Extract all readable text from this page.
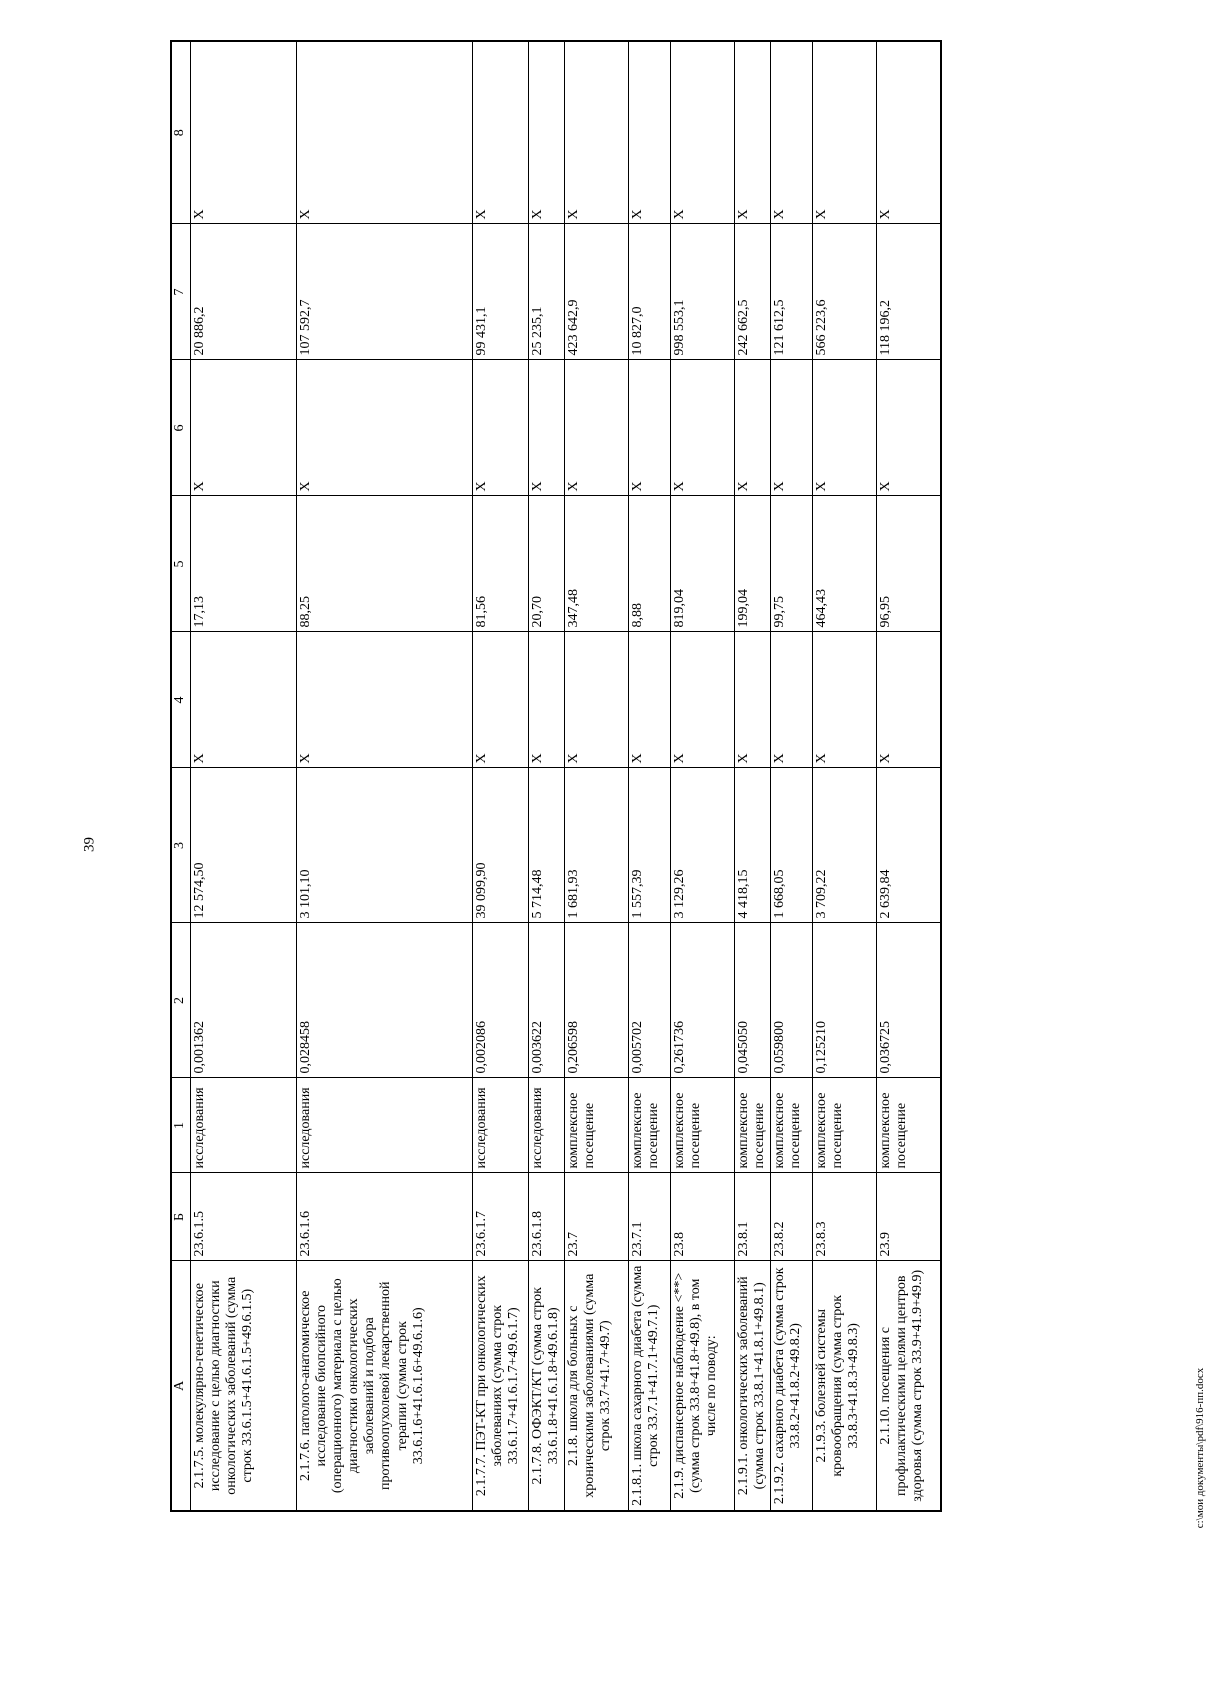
39
А	Б	1	2	3	4	5	6	7	8
2.1.7.5. молекулярно-генетическое исследование с целью диагностики онкологических заболеваний (сумма строк 33.6.1.5+41.6.1.5+49.6.1.5)	23.6.1.5	исследования	0,001362	12 574,50	Х	17,13	Х	20 886,2	Х
2.1.7.6. патолого-анатомическое исследование биопсийного (операционного) материала с целью диагностики онкологических заболеваний и подбора противоопухолевой лекарственной терапии (сумма строк 33.6.1.6+41.6.1.6+49.6.1.6)	23.6.1.6	исследования	0,028458	3 101,10	Х	88,25	Х	107 592,7	Х
2.1.7.7. ПЭТ-КТ при онкологических заболеваниях (сумма строк 33.6.1.7+41.6.1.7+49.6.1.7)	23.6.1.7	исследования	0,002086	39 099,90	Х	81,56	Х	99 431,1	Х
2.1.7.8. ОФЭКТ/КТ (сумма строк 33.6.1.8+41.6.1.8+49.6.1.8)	23.6.1.8	исследования	0,003622	5 714,48	Х	20,70	Х	25 235,1	Х
2.1.8. школа для больных с хроническими заболеваниями (сумма строк 33.7+41.7+49.7)	23.7	комплексное посещение	0,206598	1 681,93	Х	347,48	Х	423 642,9	Х
2.1.8.1. школа сахарного диабета (сумма строк 33.7.1+41.7.1+49.7.1)	23.7.1	комплексное посещение	0,005702	1 557,39	Х	8,88	Х	10 827,0	Х
2.1.9. диспансерное наблюдение <**> (сумма строк 33.8+41.8+49.8), в том числе по поводу:	23.8	комплексное посещение	0,261736	3 129,26	Х	819,04	Х	998 553,1	Х
2.1.9.1. онкологических заболеваний (сумма строк 33.8.1+41.8.1+49.8.1)	23.8.1	комплексное посещение	0,045050	4 418,15	Х	199,04	Х	242 662,5	Х
2.1.9.2. сахарного диабета (сумма строк 33.8.2+41.8.2+49.8.2)	23.8.2	комплексное посещение	0,059800	1 668,05	Х	99,75	Х	121 612,5	Х
2.1.9.3. болезней системы кровообращения (сумма строк 33.8.3+41.8.3+49.8.3)	23.8.3	комплексное посещение	0,125210	3 709,22	Х	464,43	Х	566 223,6	Х
2.1.10. посещения с профилактическими целями центров здоровья (сумма строк 33.9+41.9+49.9)	23.9	комплексное посещение	0,036725	2 639,84	Х	96,95	Х	118 196,2	Х
c:\мои документы\pdf\916-пп.docx
